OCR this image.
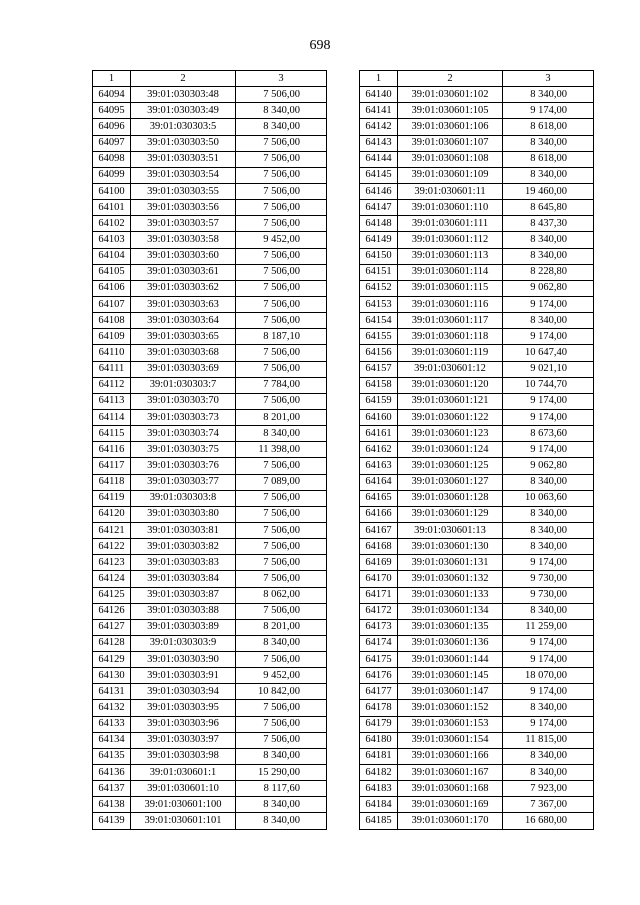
698
1	2	3
64094	39:01:030303:48	7 506,00
64095	39:01:030303:49	8 340,00
64096	39:01:030303:5	8 340,00
64097	39:01:030303:50	7 506,00
64098	39:01:030303:51	7 506,00
64099	39:01:030303:54	7 506,00
64100	39:01:030303:55	7 506,00
64101	39:01:030303:56	7 506,00
64102	39:01:030303:57	7 506,00
64103	39:01:030303:58	9 452,00
64104	39:01:030303:60	7 506,00
64105	39:01:030303:61	7 506,00
64106	39:01:030303:62	7 506,00
64107	39:01:030303:63	7 506,00
64108	39:01:030303:64	7 506,00
64109	39:01:030303:65	8 187,10
64110	39:01:030303:68	7 506,00
64111	39:01:030303:69	7 506,00
64112	39:01:030303:7	7 784,00
64113	39:01:030303:70	7 506,00
64114	39:01:030303:73	8 201,00
64115	39:01:030303:74	8 340,00
64116	39:01:030303:75	11 398,00
64117	39:01:030303:76	7 506,00
64118	39:01:030303:77	7 089,00
64119	39:01:030303:8	7 506,00
64120	39:01:030303:80	7 506,00
64121	39:01:030303:81	7 506,00
64122	39:01:030303:82	7 506,00
64123	39:01:030303:83	7 506,00
64124	39:01:030303:84	7 506,00
64125	39:01:030303:87	8 062,00
64126	39:01:030303:88	7 506,00
64127	39:01:030303:89	8 201,00
64128	39:01:030303:9	8 340,00
64129	39:01:030303:90	7 506,00
64130	39:01:030303:91	9 452,00
64131	39:01:030303:94	10 842,00
64132	39:01:030303:95	7 506,00
64133	39:01:030303:96	7 506,00
64134	39:01:030303:97	7 506,00
64135	39:01:030303:98	8 340,00
64136	39:01:030601:1	15 290,00
64137	39:01:030601:10	8 117,60
64138	39:01:030601:100	8 340,00
64139	39:01:030601:101	8 340,00
1	2	3
64140	39:01:030601:102	8 340,00
64141	39:01:030601:105	9 174,00
64142	39:01:030601:106	8 618,00
64143	39:01:030601:107	8 340,00
64144	39:01:030601:108	8 618,00
64145	39:01:030601:109	8 340,00
64146	39:01:030601:11	19 460,00
64147	39:01:030601:110	8 645,80
64148	39:01:030601:111	8 437,30
64149	39:01:030601:112	8 340,00
64150	39:01:030601:113	8 340,00
64151	39:01:030601:114	8 228,80
64152	39:01:030601:115	9 062,80
64153	39:01:030601:116	9 174,00
64154	39:01:030601:117	8 340,00
64155	39:01:030601:118	9 174,00
64156	39:01:030601:119	10 647,40
64157	39:01:030601:12	9 021,10
64158	39:01:030601:120	10 744,70
64159	39:01:030601:121	9 174,00
64160	39:01:030601:122	9 174,00
64161	39:01:030601:123	8 673,60
64162	39:01:030601:124	9 174,00
64163	39:01:030601:125	9 062,80
64164	39:01:030601:127	8 340,00
64165	39:01:030601:128	10 063,60
64166	39:01:030601:129	8 340,00
64167	39:01:030601:13	8 340,00
64168	39:01:030601:130	8 340,00
64169	39:01:030601:131	9 174,00
64170	39:01:030601:132	9 730,00
64171	39:01:030601:133	9 730,00
64172	39:01:030601:134	8 340,00
64173	39:01:030601:135	11 259,00
64174	39:01:030601:136	9 174,00
64175	39:01:030601:144	9 174,00
64176	39:01:030601:145	18 070,00
64177	39:01:030601:147	9 174,00
64178	39:01:030601:152	8 340,00
64179	39:01:030601:153	9 174,00
64180	39:01:030601:154	11 815,00
64181	39:01:030601:166	8 340,00
64182	39:01:030601:167	8 340,00
64183	39:01:030601:168	7 923,00
64184	39:01:030601:169	7 367,00
64185	39:01:030601:170	16 680,00
